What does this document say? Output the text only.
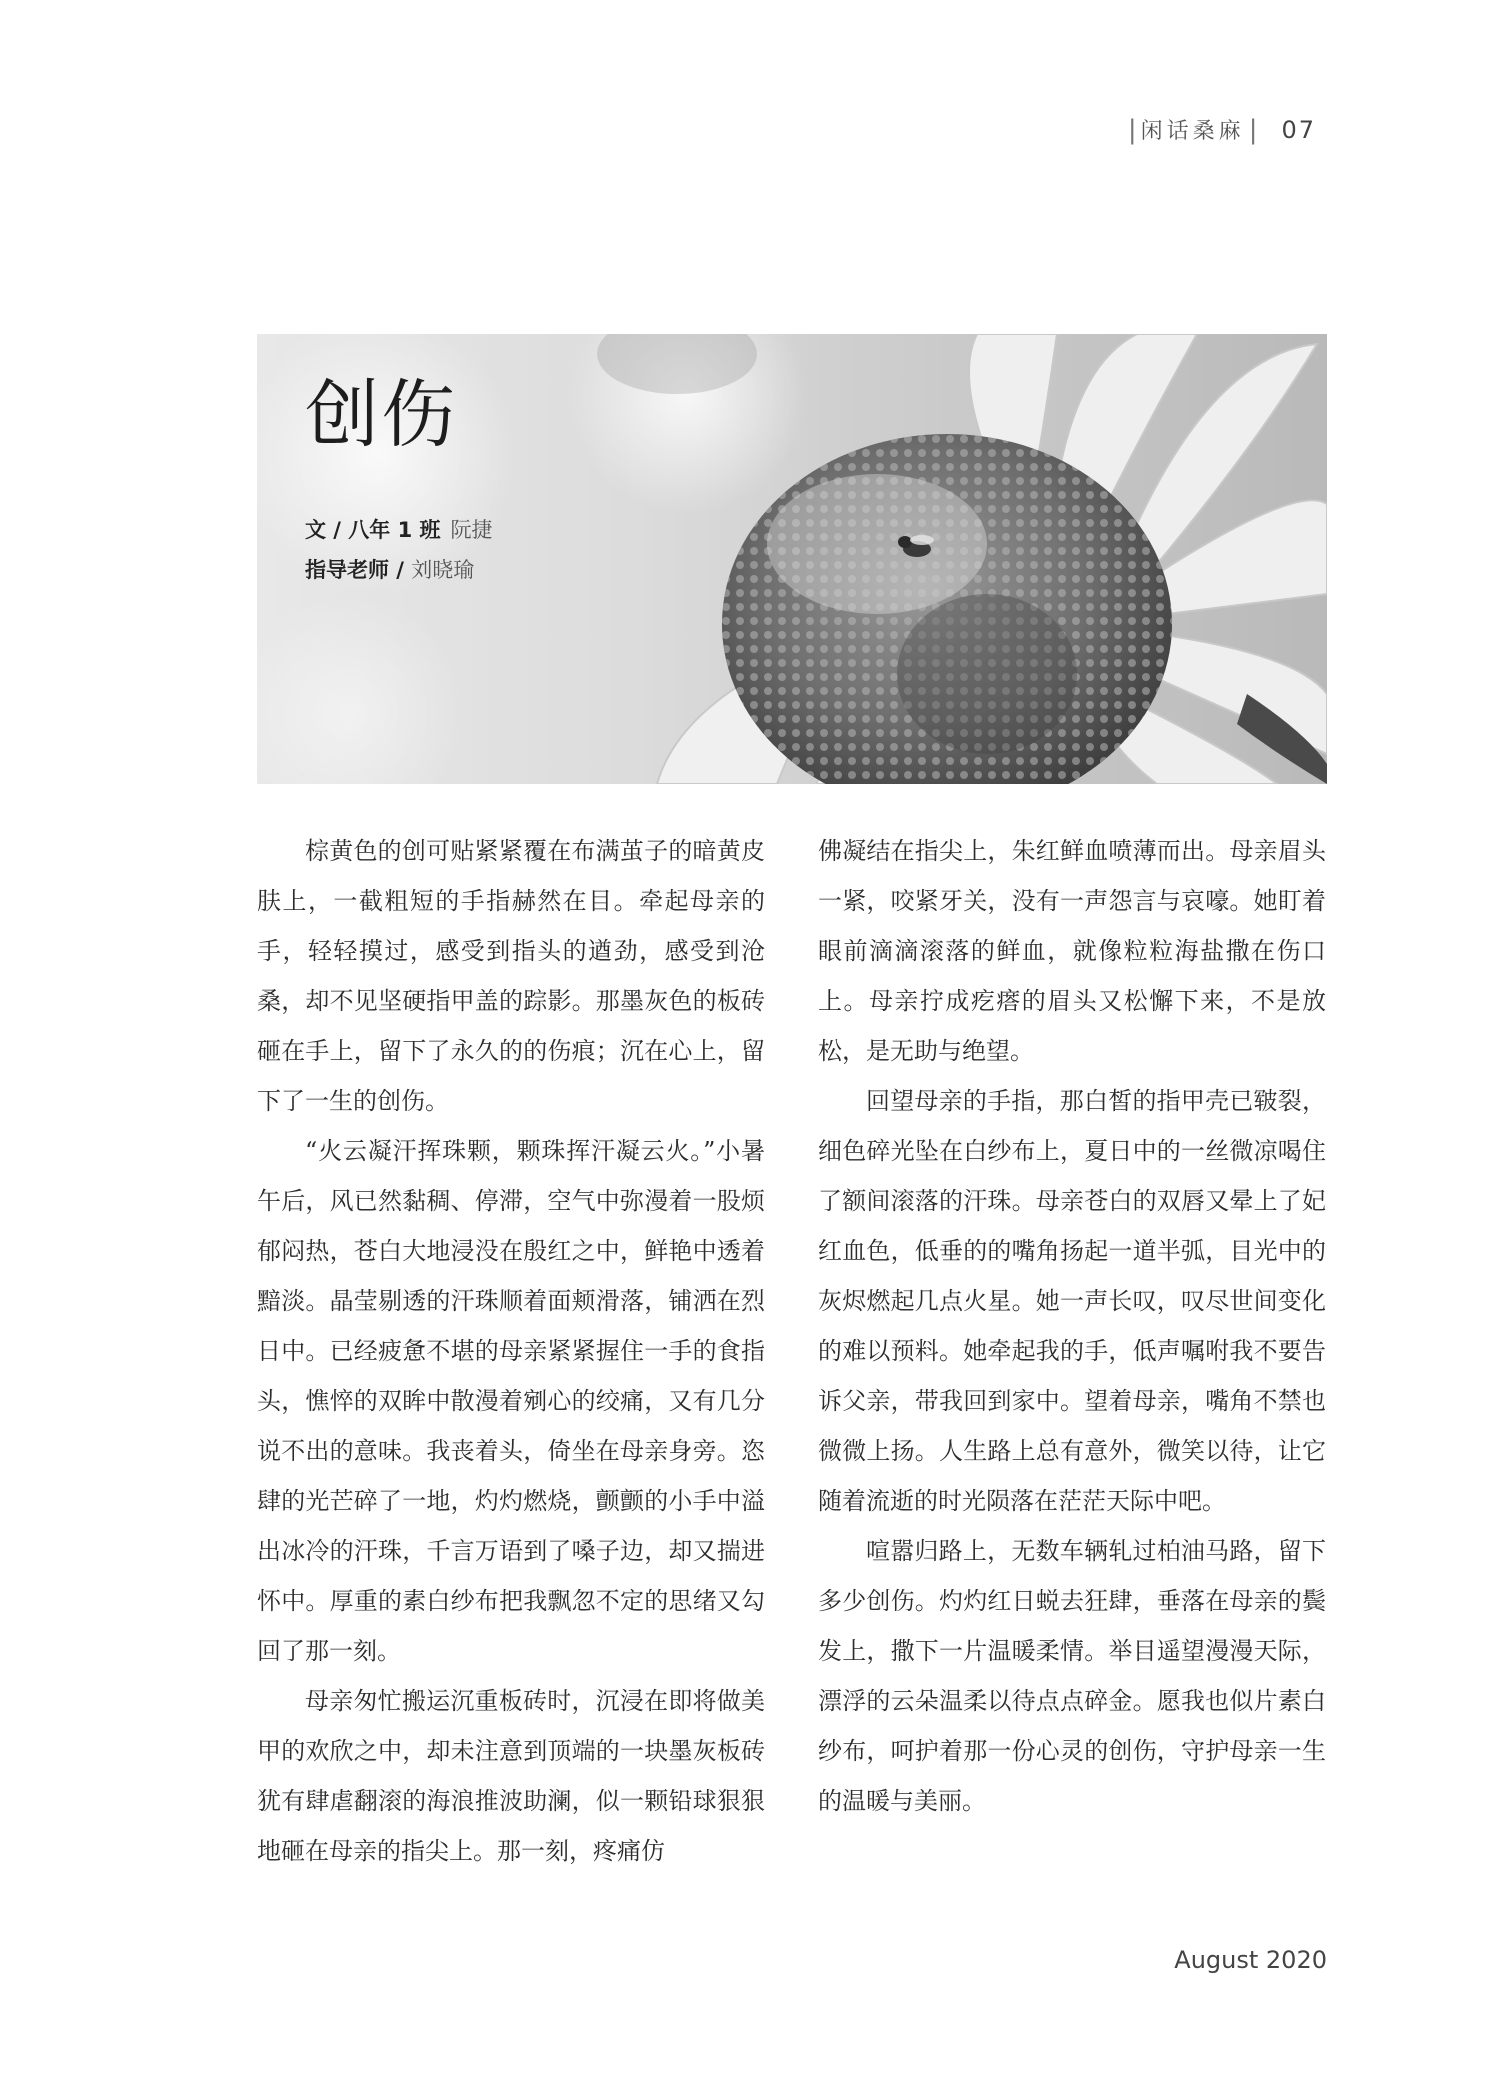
| 闲话桑麻 | 07
创伤
文 / 八年 1 班 阮捷
指导老师 / 刘晓瑜

棕黄色的创可贴紧紧覆在布满茧子的暗黄皮肤上，一截粗短的手指赫然在目。牵起母亲的手，轻轻摸过，感受到指头的遒劲，感受到沧桑，却不见坚硬指甲盖的踪影。那墨灰色的板砖砸在手上，留下了永久的的伤痕；沉在心上，留下了一生的创伤。

“火云凝汗挥珠颗，颗珠挥汗凝云火。”小暑午后，风已然黏稠、停滞，空气中弥漫着一股烦郁闷热，苍白大地浸没在殷红之中，鲜艳中透着黯淡。晶莹剔透的汗珠顺着面颊滑落，铺洒在烈日中。已经疲惫不堪的母亲紧紧握住一手的食指头，憔悴的双眸中散漫着剜心的绞痛，又有几分说不出的意味。我丧着头，倚坐在母亲身旁。恣肆的光芒碎了一地，灼灼燃烧，颤颤的小手中溢出冰冷的汗珠，千言万语到了嗓子边，却又揣进怀中。厚重的素白纱布把我飘忽不定的思绪又勾回了那一刻。

母亲匆忙搬运沉重板砖时，沉浸在即将做美甲的欢欣之中，却未注意到顶端的一块墨灰板砖犹有肆虐翻滚的海浪推波助澜，似一颗铅球狠狠地砸在母亲的指尖上。那一刻，疼痛仿

佛凝结在指尖上，朱红鲜血喷薄而出。母亲眉头一紧，咬紧牙关，没有一声怨言与哀嚎。她盯着眼前滴滴滚落的鲜血，就像粒粒海盐撒在伤口上。母亲拧成疙瘩的眉头又松懈下来，不是放松，是无助与绝望。

回望母亲的手指，那白皙的指甲壳已皲裂，细色碎光坠在白纱布上，夏日中的一丝微凉喝住了额间滚落的汗珠。母亲苍白的双唇又晕上了妃红血色，低垂的的嘴角扬起一道半弧，目光中的灰烬燃起几点火星。她一声长叹，叹尽世间变化的难以预料。她牵起我的手，低声嘱咐我不要告诉父亲，带我回到家中。望着母亲，嘴角不禁也微微上扬。人生路上总有意外，微笑以待，让它随着流逝的时光陨落在茫茫天际中吧。

喧嚣归路上，无数车辆轧过柏油马路，留下多少创伤。灼灼红日蜕去狂肆，垂落在母亲的鬓发上，撒下一片温暖柔情。举目遥望漫漫天际，漂浮的云朵温柔以待点点碎金。愿我也似片素白纱布，呵护着那一份心灵的创伤，守护母亲一生的温暖与美丽。

August 2020
